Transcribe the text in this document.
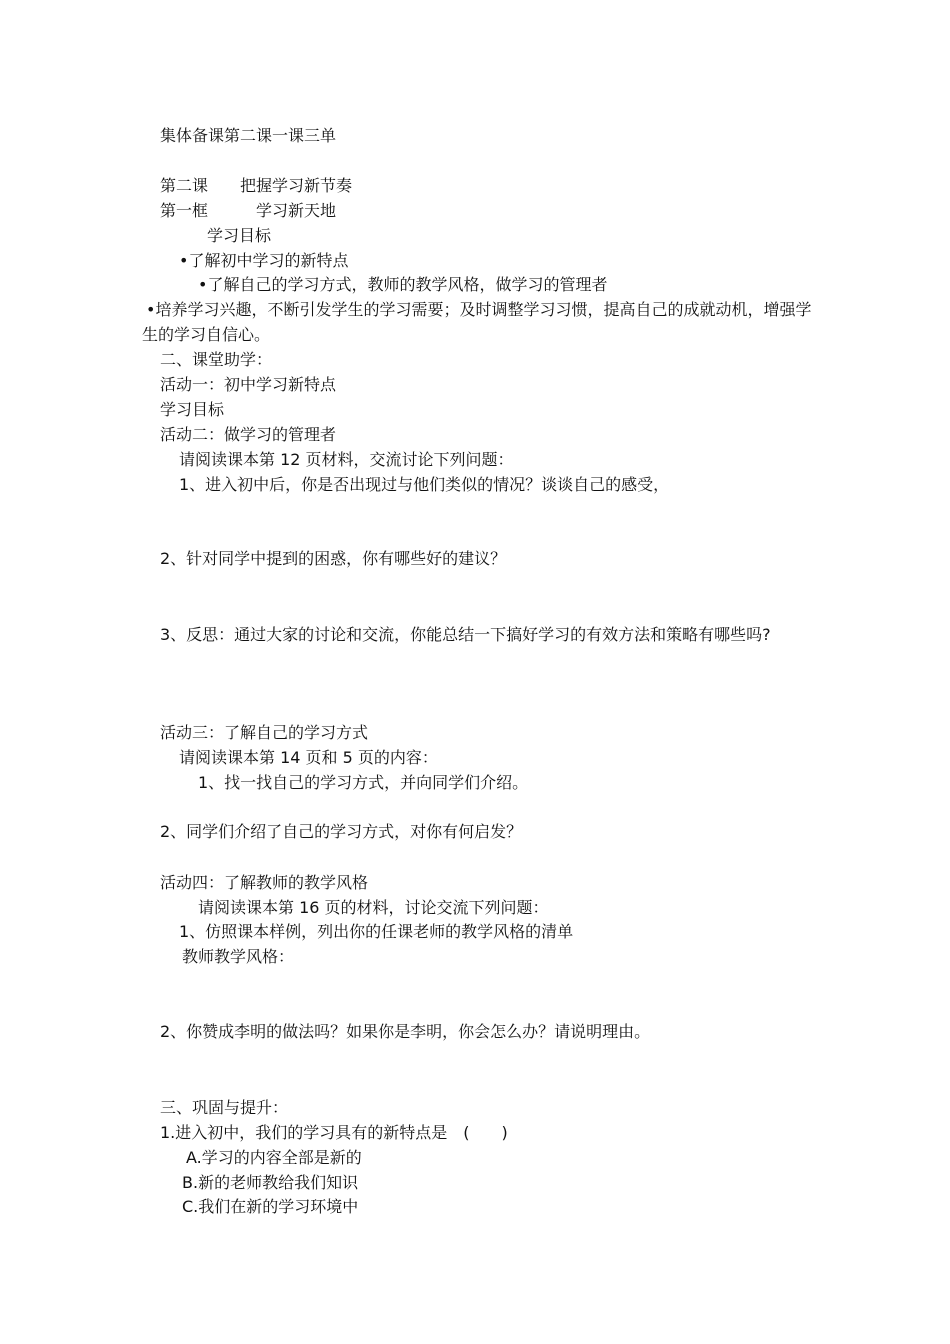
集体备课第二课一课三单

第二课　　把握学习新节奏

第一框　　　学习新天地

学习目标

•了解初中学习的新特点

•了解自己的学习方式，教师的教学风格，做学习的管理者

•培养学习兴趣，不断引发学生的学习需要；及时调整学习习惯，提高自己的成就动机，增强学生的学习自信心。

二、课堂助学：

活动一：初中学习新特点

学习目标

活动二：做学习的管理者

请阅读课本第 12 页材料，交流讨论下列问题：

1、进入初中后，你是否出现过与他们类似的情况？谈谈自己的感受，

2、针对同学中提到的困惑，你有哪些好的建议？

3、反思：通过大家的讨论和交流，你能总结一下搞好学习的有效方法和策略有哪些吗?

活动三：了解自己的学习方式

请阅读课本第 14 页和 5 页的内容：

1、找一找自己的学习方式，并向同学们介绍。

2、同学们介绍了自己的学习方式，对你有何启发？

活动四：了解教师的教学风格

请阅读课本第 16 页的材料，讨论交流下列问题：

1、仿照课本样例，列出你的任课老师的教学风格的清单

教师教学风格：

2、你赞成李明的做法吗？如果你是李明，你会怎么办？请说明理由。

三、巩固与提升：

1.进入初中，我们的学习具有的新特点是　(　　)

A.学习的内容全部是新的

B.新的老师教给我们知识

C.我们在新的学习环境中
